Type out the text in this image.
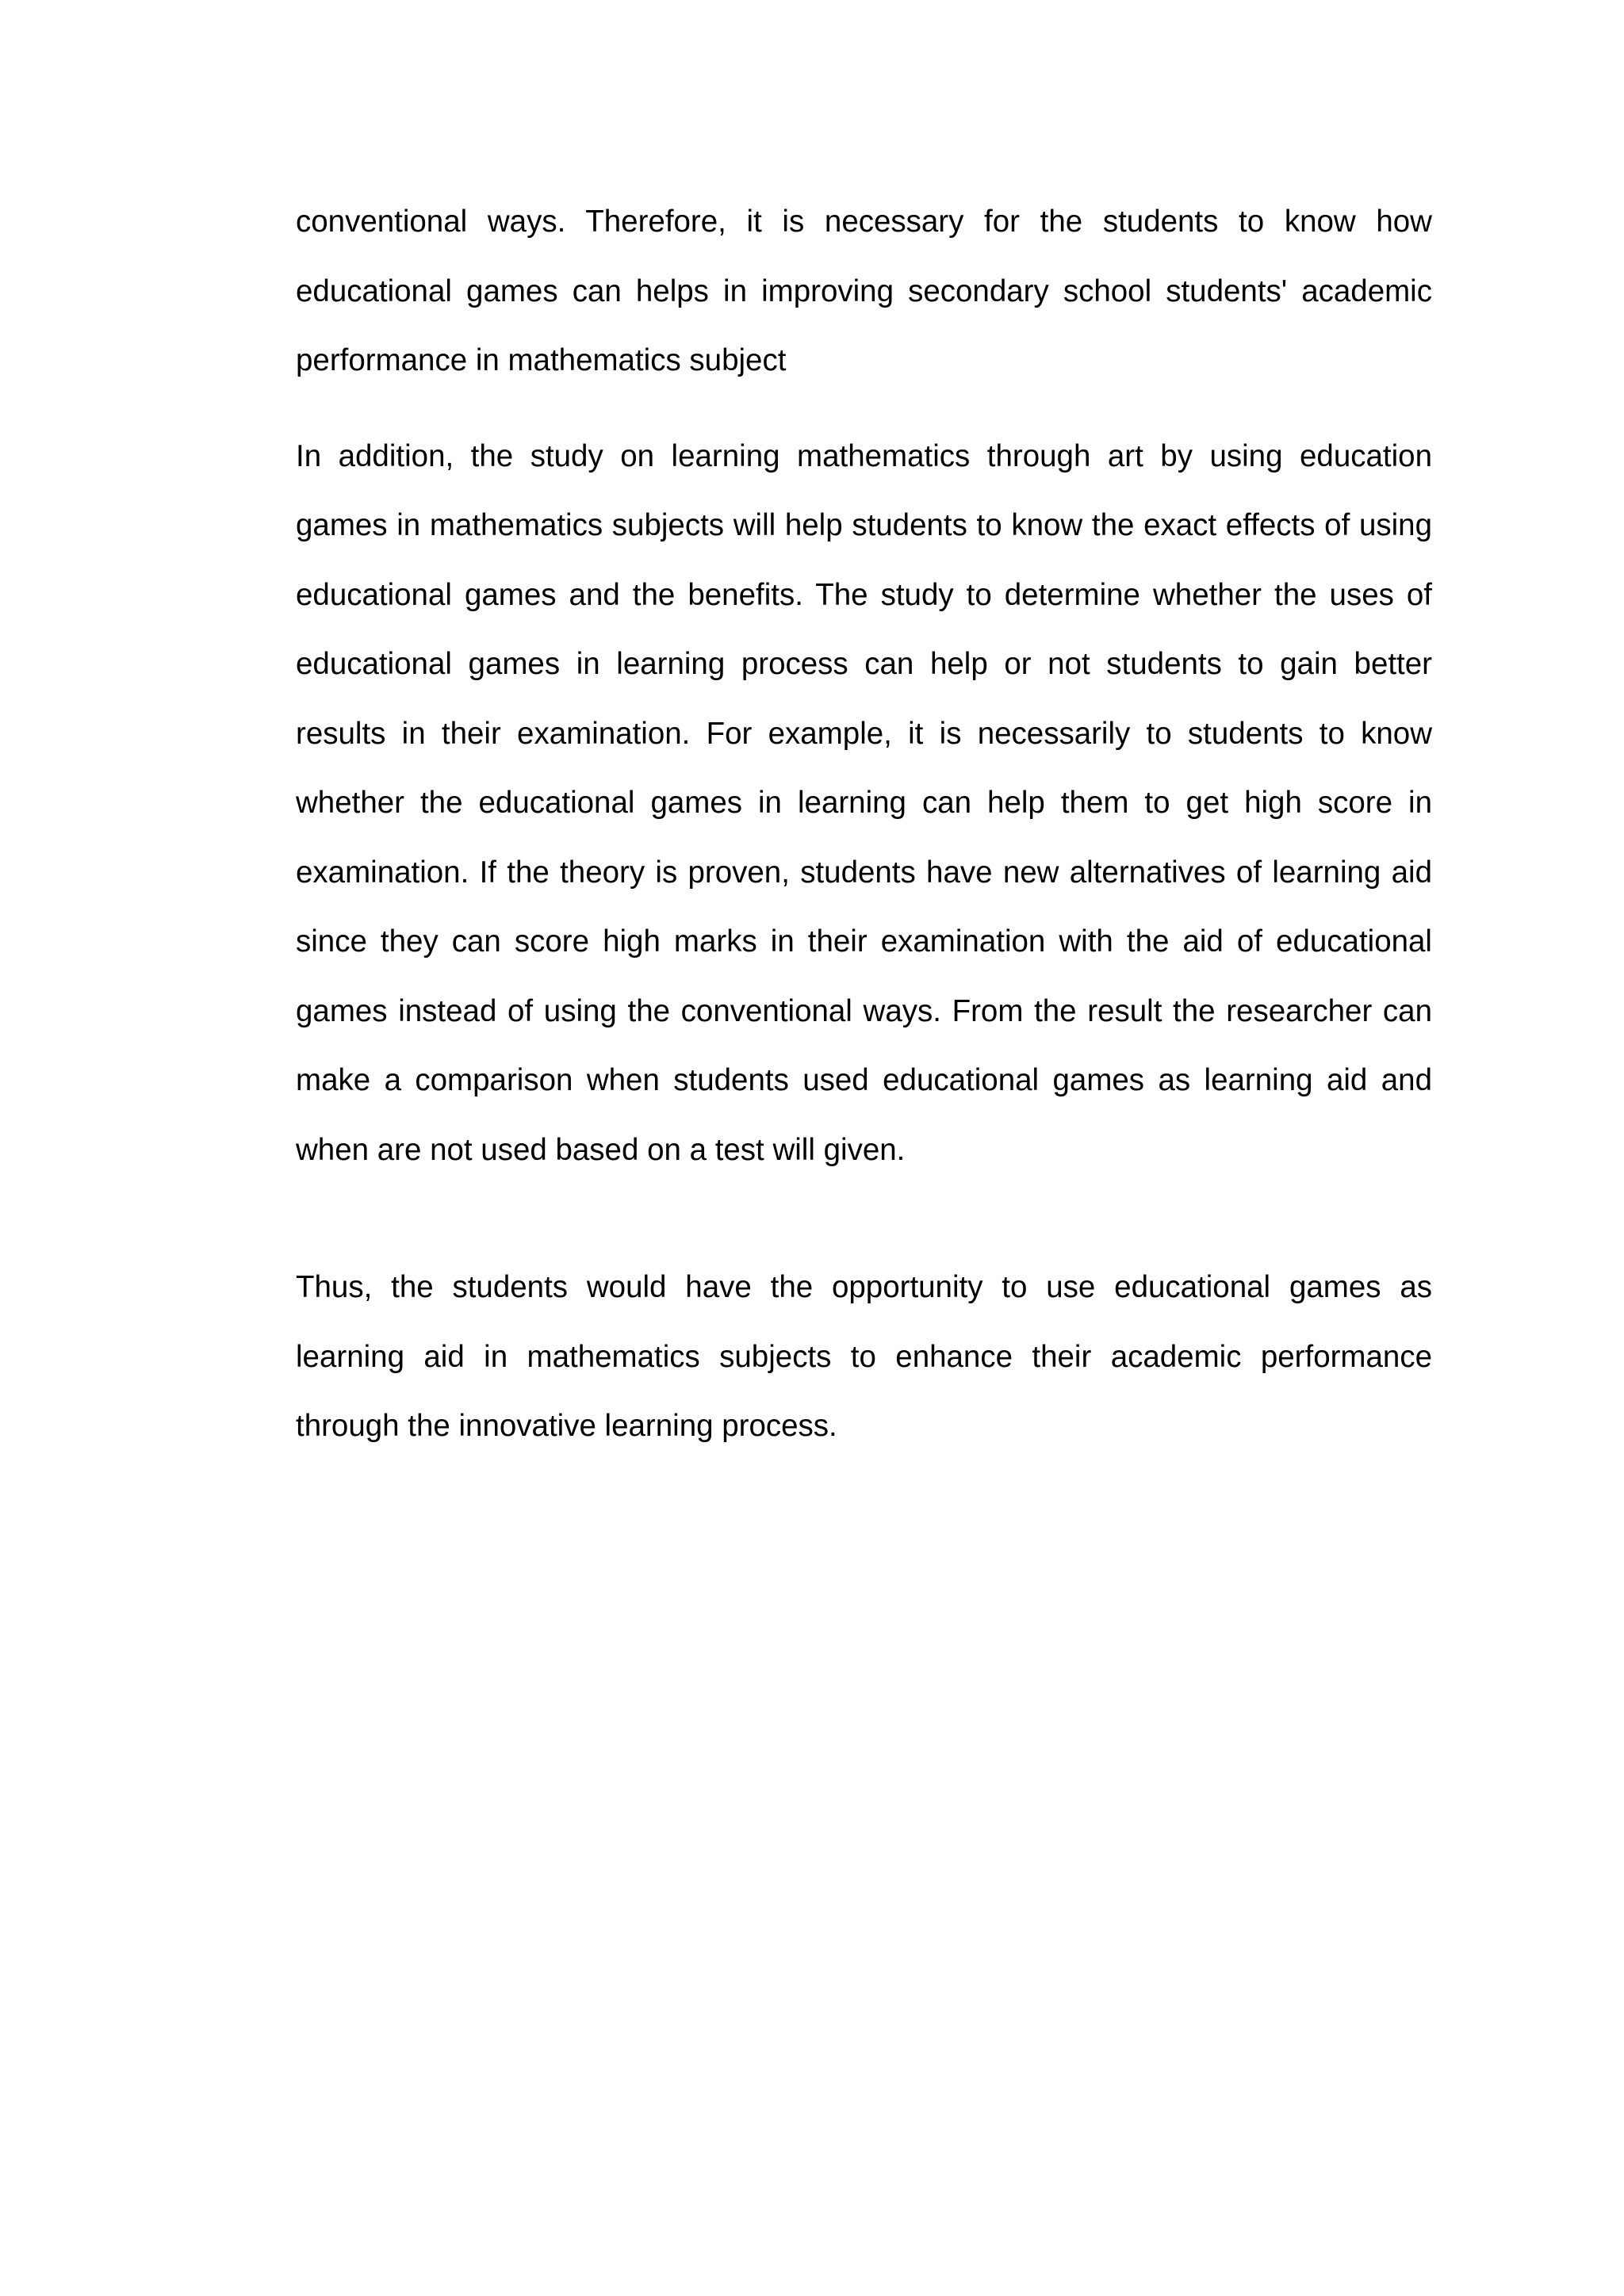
conventional ways. Therefore, it is necessary for the students to know how educational games can helps in improving secondary school students' academic performance in mathematics subject

In addition, the study on learning mathematics through art by using education games in mathematics subjects will help students to know the exact effects of using educational games and the benefits. The study to determine whether the uses of educational games in learning process can help or not students to gain better results in their examination. For example, it is necessarily to students to know whether the educational games in learning can help them to get high score in examination. If the theory is proven, students have new alternatives of learning aid since they can score high marks in their examination with the aid of educational games instead of using the conventional ways. From the result the researcher can make a comparison when students used educational games as learning aid and when are not used based on a test will given.

Thus, the students would have the opportunity to use educational games as learning aid in mathematics subjects to enhance their academic performance through the innovative learning process.
